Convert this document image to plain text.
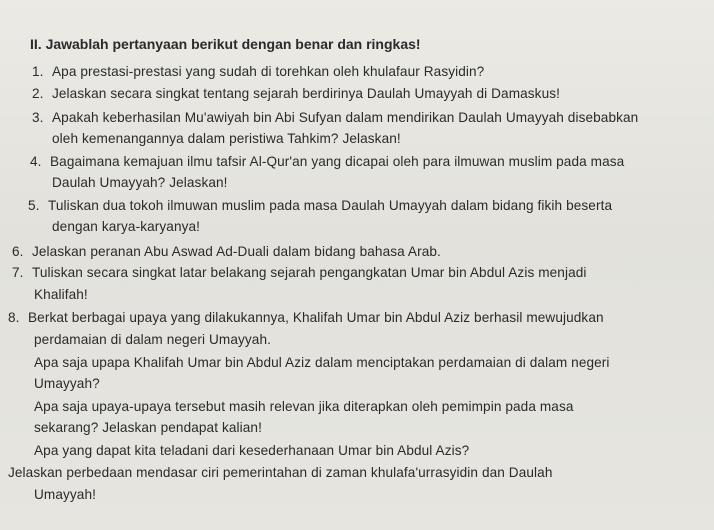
II. Jawablah pertanyaan berikut dengan benar dan ringkas!
1. Apa prestasi-prestasi yang sudah di torehkan oleh khulafaur Rasyidin?
2. Jelaskan secara singkat tentang sejarah berdirinya Daulah Umayyah di Damaskus!
3. Apakah keberhasilan Mu'awiyah bin Abi Sufyan dalam mendirikan Daulah Umayyah disebabkan
oleh kemenangannya dalam peristiwa Tahkim? Jelaskan!
4. Bagaimana kemajuan ilmu tafsir Al-Qur'an yang dicapai oleh para ilmuwan muslim pada masa
Daulah Umayyah? Jelaskan!
5. Tuliskan dua tokoh ilmuwan muslim pada masa Daulah Umayyah dalam bidang fikih beserta
dengan karya-karyanya!
6. Jelaskan peranan Abu Aswad Ad-Duali dalam bidang bahasa Arab.
7. Tuliskan secara singkat latar belakang sejarah pengangkatan Umar bin Abdul Azis menjadi
Khalifah!
8. Berkat berbagai upaya yang dilakukannya, Khalifah Umar bin Abdul Aziz berhasil mewujudkan
perdamaian di dalam negeri Umayyah.
Apa saja upapa Khalifah Umar bin Abdul Aziz dalam menciptakan perdamaian di dalam negeri
Umayyah?
Apa saja upaya-upaya tersebut masih relevan jika diterapkan oleh pemimpin pada masa
sekarang? Jelaskan pendapat kalian!
Apa yang dapat kita teladani dari kesederhanaan Umar bin Abdul Azis?
Jelaskan perbedaan mendasar ciri pemerintahan di zaman khulafa'urrasyidin dan Daulah
Umayyah!
